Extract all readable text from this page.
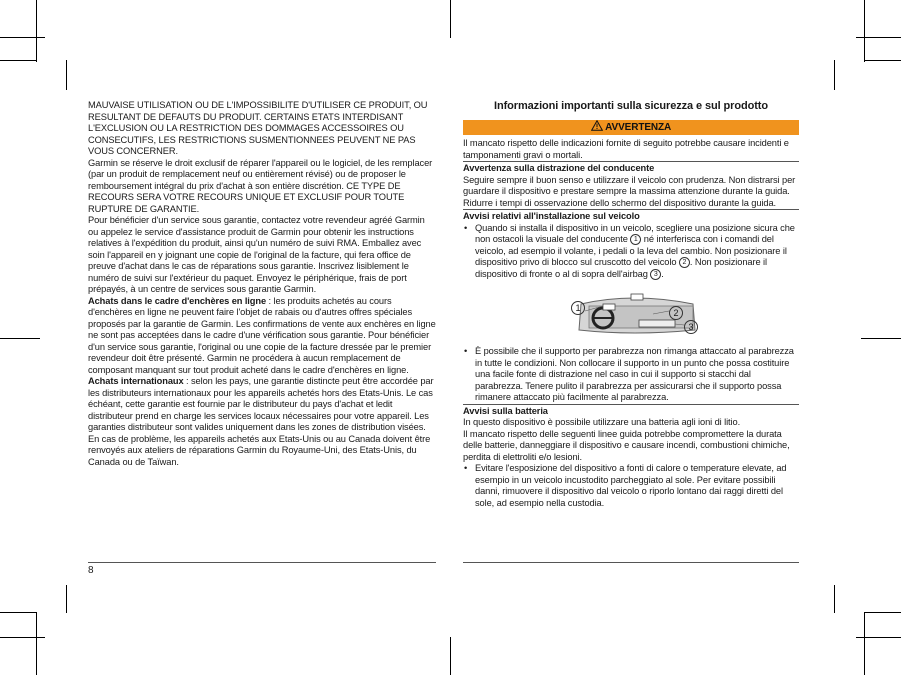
MAUVAISE UTILISATION OU DE L'IMPOSSIBILITE D'UTILISER CE PRODUIT, OU RESULTANT DE DEFAUTS DU PRODUIT. CERTAINS ETATS INTERDISANT L'EXCLUSION OU LA RESTRICTION DES DOMMAGES ACCESSOIRES OU CONSECUTIFS, LES RESTRICTIONS SUSMENTIONNEES PEUVENT NE PAS VOUS CONCERNER.

Garmin se réserve le droit exclusif de réparer l'appareil ou le logiciel, de les remplacer (par un produit de remplacement neuf ou entièrement révisé) ou de proposer le remboursement intégral du prix d'achat à son entière discrétion. CE TYPE DE RECOURS SERA VOTRE RECOURS UNIQUE ET EXCLUSIF POUR TOUTE RUPTURE DE GARANTIE.

Pour bénéficier d'un service sous garantie, contactez votre revendeur agréé Garmin ou appelez le service d'assistance produit de Garmin pour obtenir les instructions relatives à l'expédition du produit, ainsi qu'un numéro de suivi RMA. Emballez avec soin l'appareil en y joignant une copie de l'original de la facture, qui fera office de preuve d'achat dans le cas de réparations sous garantie. Inscrivez lisiblement le numéro de suivi sur l'extérieur du paquet. Envoyez le périphérique, frais de port prépayés, à un centre de services sous garantie Garmin.

Achats dans le cadre d'enchères en ligne : les produits achetés au cours d'enchères en ligne ne peuvent faire l'objet de rabais ou d'autres offres spéciales proposés par la garantie de Garmin. Les confirmations de vente aux enchères en ligne ne sont pas acceptées dans le cadre d'une vérification sous garantie. Pour bénéficier d'un service sous garantie, l'original ou une copie de la facture dressée par le premier revendeur doit être présenté. Garmin ne procédera à aucun remplacement de composant manquant sur tout produit acheté dans le cadre d'enchères en ligne.

Achats internationaux : selon les pays, une garantie distincte peut être accordée par les distributeurs internationaux pour les appareils achetés hors des Etats-Unis. Le cas échéant, cette garantie est fournie par le distributeur du pays d'achat et ledit distributeur prend en charge les services locaux nécessaires pour votre appareil. Les garanties distributeur sont valides uniquement dans les zones de distribution visées. En cas de problème, les appareils achetés aux Etats-Unis ou au Canada doivent être renvoyés aux ateliers de réparations Garmin du Royaume-Uni, des Etats-Unis, du Canada ou de Taïwan.

8
Informazioni importanti sulla sicurezza e sul prodotto
AVVERTENZA

Il mancato rispetto delle indicazioni fornite di seguito potrebbe causare incidenti e tamponamenti gravi o mortali.

Avvertenza sulla distrazione del conducente

Seguire sempre il buon senso e utilizzare il veicolo con prudenza. Non distrarsi per guardare il dispositivo e prestare sempre la massima attenzione durante la guida. Ridurre i tempi di osservazione dello schermo del dispositivo durante la guida.

Avvisi relativi all'installazione sul veicolo

• Quando si installa il dispositivo in un veicolo, scegliere una posizione sicura che non ostacoli la visuale del conducente 1 né interferisca con i comandi del veicolo, ad esempio il volante, i pedali o la leva del cambio. Non posizionare il dispositivo privo di blocco sul cruscotto del veicolo 2 . Non posizionare il dispositivo di fronte o al di sopra dell'airbag 3 .

1	2
3

• È possibile che il supporto per parabrezza non rimanga attaccato al parabrezza in tutte le condizioni. Non collocare il supporto in un punto che possa costituire una facile fonte di distrazione nel caso in cui il supporto si stacchi dal parabrezza. Tenere pulito il parabrezza per assicurarsi che il supporto possa rimanere attaccato più facilmente al parabrezza.

Avvisi sulla batteria

In questo dispositivo è possibile utilizzare una batteria agli ioni di litio.

Il mancato rispetto delle seguenti linee guida potrebbe compromettere la durata delle batterie, danneggiare il dispositivo e causare incendi, combustioni chimiche, perdita di elettroliti e/o lesioni.

• Evitare l'esposizione del dispositivo a fonti di calore o temperature elevate, ad esempio in un veicolo incustodito parcheggiato al sole. Per evitare possibili danni, rimuovere il dispositivo dal veicolo o riporlo lontano dai raggi diretti del sole, ad esempio nella custodia.
